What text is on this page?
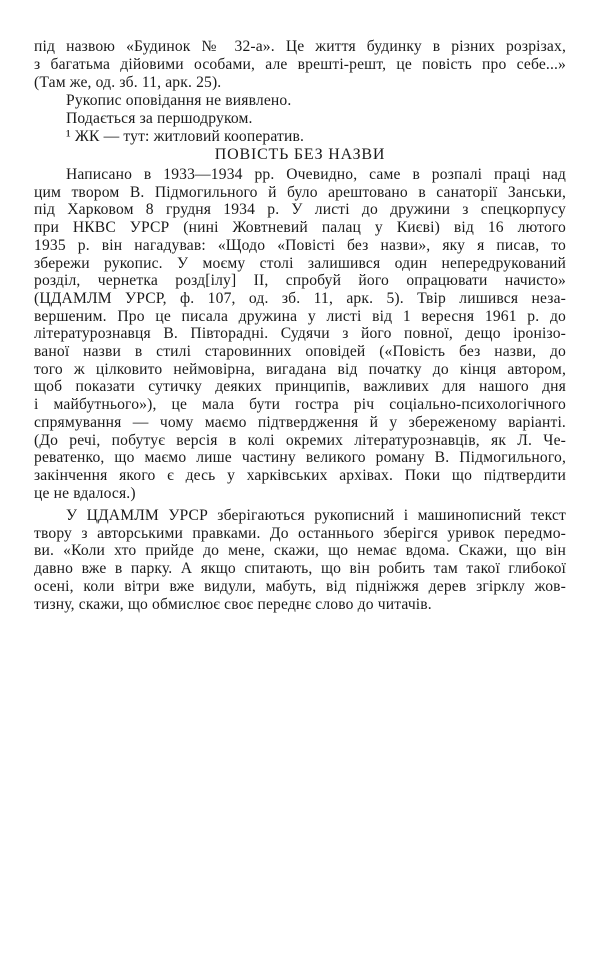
під назвою «Будинок № 32-а». Це життя будинку в різних розрізах,
з багатьма дійовими особами, але врешті-решт, це повість про себе...»
(Там же, од. зб. 11, арк. 25).
Рукопис оповідання не виявлено.
Подається за першодруком.
¹ ЖК — тут: житловий кооператив.
ПОВІСТЬ БЕЗ НАЗВИ
Написано в 1933—1934 рр. Очевидно, саме в розпалі праці над
цим твором В. Підмогильного й було арештовано в санаторії Занськи,
під Харковом 8 грудня 1934 р. У листі до дружини з спецкорпусу
при НКВС УРСР (нині Жовтневий палац у Києві) від 16 лютого
1935 р. він нагадував: «Щодо «Повісті без назви», яку я писав, то
збережи рукопис. У моєму столі залишився один непередрукований
розділ, чернетка розд[ілу] II, спробуй його опрацювати начисто»
(ЦДАМЛМ УРСР, ф. 107, од. зб. 11, арк. 5). Твір лишився неза-
вершеним. Про це писала дружина у листі від 1 вересня 1961 р. до
літературознавця В. Півторадні. Судячи з його повної, дещо іронізо-
ваної назви в стилі старовинних оповідей («Повість без назви, до
того ж цілковито неймовірна, вигадана від початку до кінця автором,
щоб показати сутичку деяких принципів, важливих для нашого дня
і майбутнього»), це мала бути гостра річ соціально-психологічного
спрямування — чому маємо підтвердження й у збереженому варіанті.
(До речі, побутує версія в колі окремих літературознавців, як Л. Че-
реватенко, що маємо лише частину великого роману В. Підмогильного,
закінчення якого є десь у харківських архівах. Поки що підтвердити
це не вдалося.)
У ЦДАМЛМ УРСР зберігаються рукописний і машинописний текст
твору з авторськими правками. До останнього зберігся уривок передмо-
ви. «Коли хто прийде до мене, скажи, що немає вдома. Скажи, що він
давно вже в парку. А якщо спитають, що він робить там такої глибокої
осені, коли вітри вже видули, мабуть, від підніжжя дерев згірклу жов-
тизну, скажи, що обмислює своє переднє слово до читачів.
